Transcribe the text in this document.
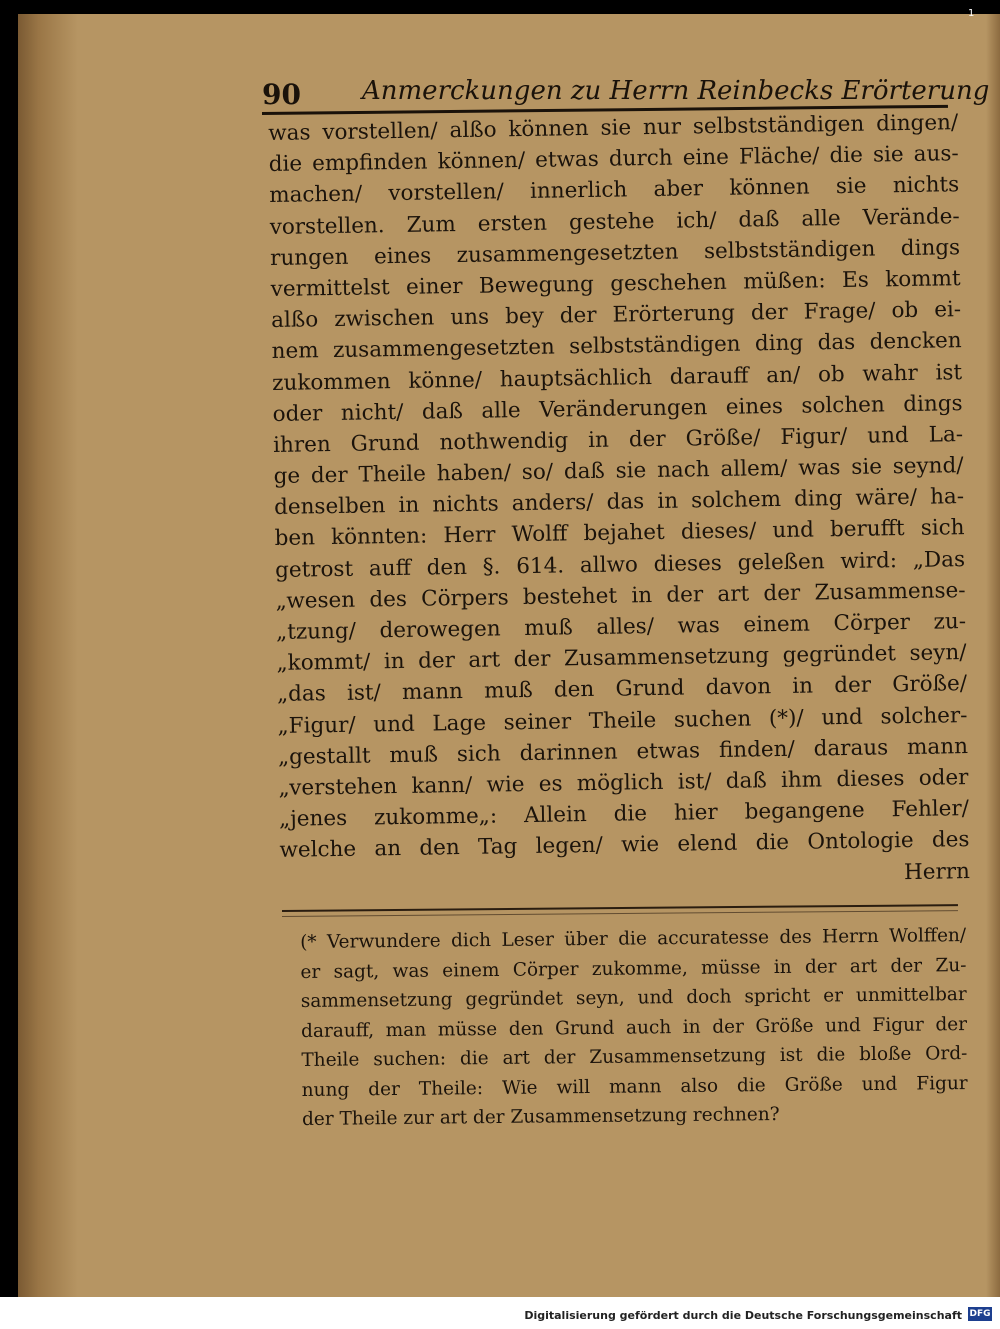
1
90 Anmerckungen zu Herrn Reinbecks Erörterung
was vorstellen/ alßo können sie nur selbstständigen dingen/
die empfinden können/ etwas durch eine Fläche/ die sie aus-
machen/ vorstellen/ innerlich aber können sie nichts
vorstellen. Zum ersten gestehe ich/ daß alle Verände-
rungen eines zusammengesetzten selbstständigen dings
vermittelst einer Bewegung geschehen müßen: Es kommt
alßo zwischen uns bey der Erörterung der Frage/ ob ei-
nem zusammengesetzten selbstständigen ding das dencken
zukommen könne/ hauptsächlich darauff an/ ob wahr ist
oder nicht/ daß alle Veränderungen eines solchen dings
ihren Grund nothwendig in der Größe/ Figur/ und La-
ge der Theile haben/ so/ daß sie nach allem/ was sie seynd/
denselben in nichts anders/ das in solchem ding wäre/ ha-
ben könnten: Herr Wolff bejahet dieses/ und berufft sich
getrost auff den §. 614. allwo dieses geleßen wird: „Das
„wesen des Cörpers bestehet in der art der Zusammense-
„tzung/ derowegen muß alles/ was einem Cörper zu-
„kommt/ in der art der Zusammensetzung gegründet seyn/
„das ist/ mann muß den Grund davon in der Größe/
„Figur/ und Lage seiner Theile suchen (*)/ und solcher-
„gestallt muß sich darinnen etwas finden/ daraus mann
„verstehen kann/ wie es möglich ist/ daß ihm dieses oder
„jenes zukomme„: Allein die hier begangene Fehler/
welche an den Tag legen/ wie elend die Ontologie des
Herrn
(* Verwundere dich Leser über die accuratesse des Herrn Wolffen/
er sagt, was einem Cörper zukomme, müsse in der art der Zu-
sammensetzung gegründet seyn, und doch spricht er unmittelbar
darauff, man müsse den Grund auch in der Größe und Figur der
Theile suchen: die art der Zusammensetzung ist die bloße Ord-
nung der Theile: Wie will mann also die Größe und Figur
der Theile zur art der Zusammensetzung rechnen?
Digitalisierung gefördert durch die Deutsche Forschungsgemeinschaft DFG
